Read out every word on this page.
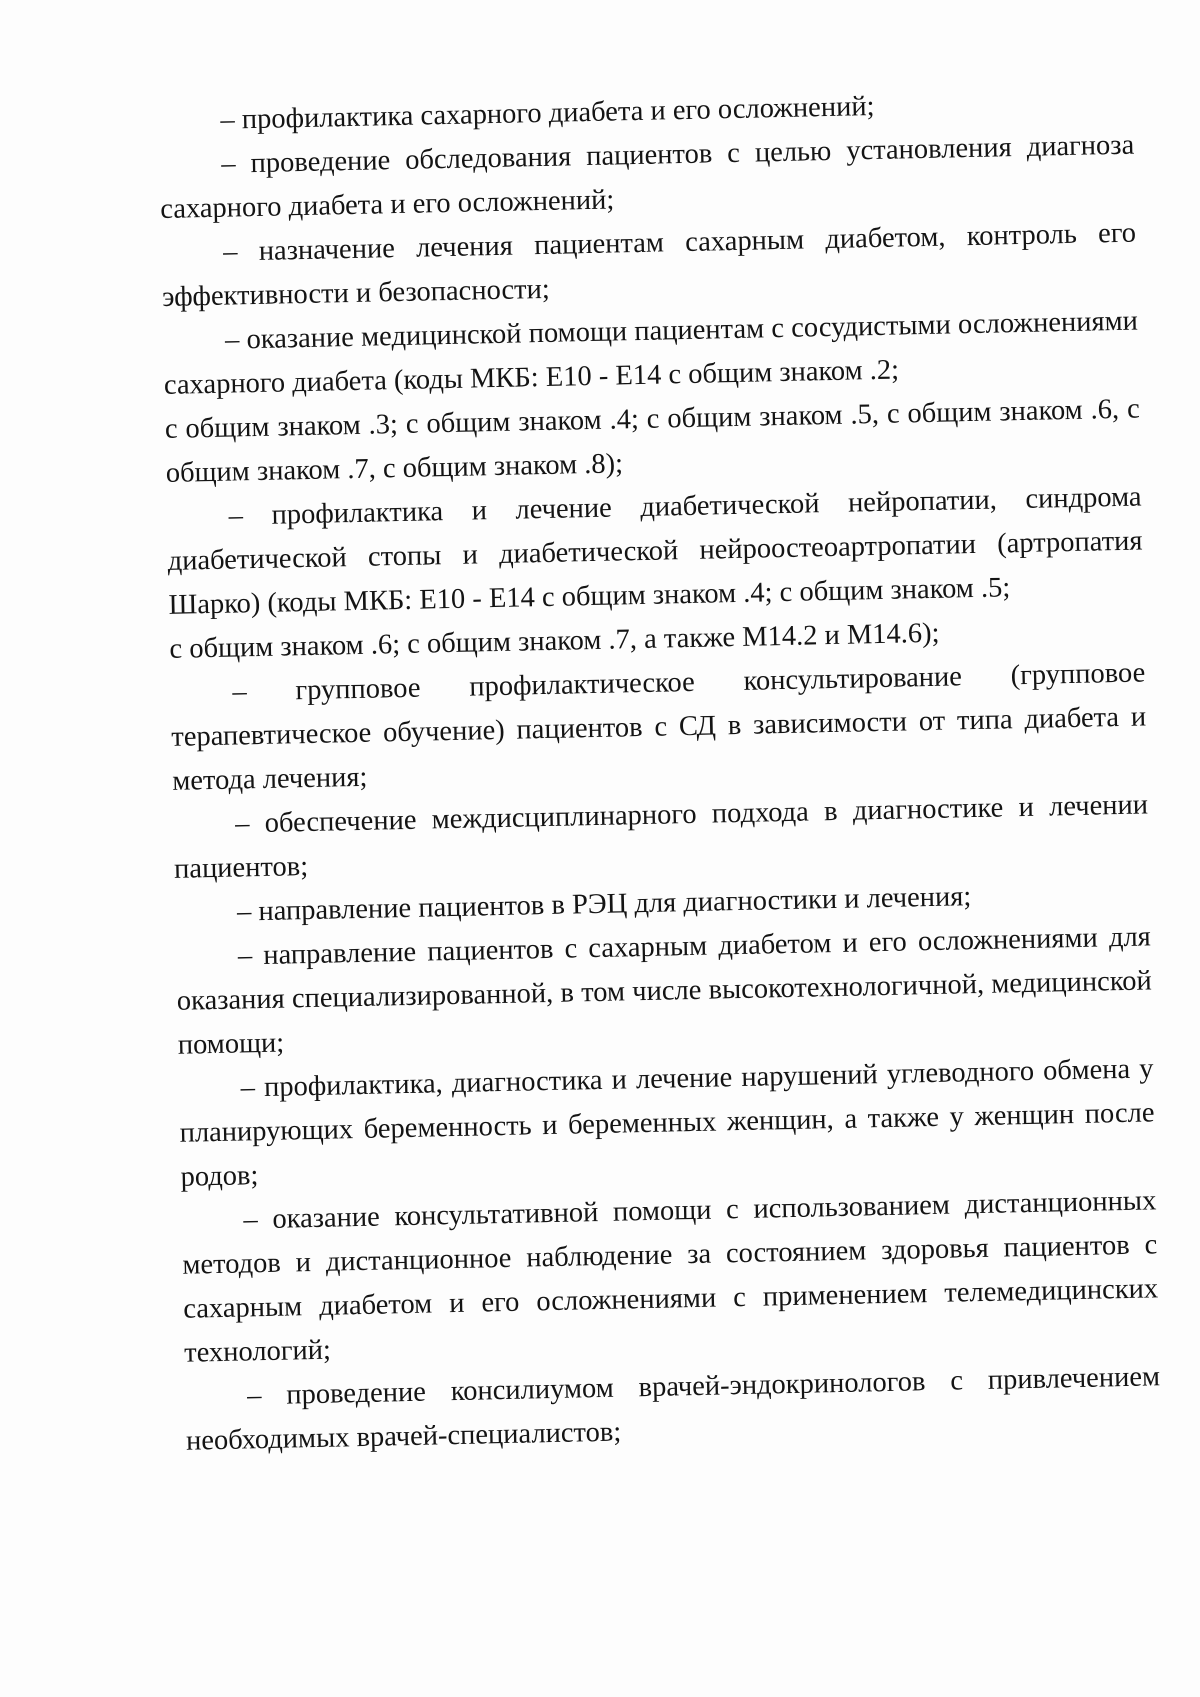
– профилактика сахарного диабета и его осложнений;

– проведение обследования пациентов с целью установления диагноза сахарного диабета и его осложнений;

– назначение лечения пациентам сахарным диабетом, контроль его эффективности и безопасности;

– оказание медицинской помощи пациентам с сосудистыми осложнениями сахарного диабета (коды МКБ: Е10 - Е14 с общим знаком .2;

с общим знаком .3; с общим знаком .4; с общим знаком .5, с общим знаком .6, с общим знаком .7, с общим знаком .8);

– профилактика и лечение диабетической нейропатии, синдрома диабетической стопы и диабетической нейроостеоартропатии (артропатия Шарко) (коды МКБ: Е10 - Е14 с общим знаком .4; с общим знаком .5;

с общим знаком .6; с общим знаком .7, а также М14.2 и М14.6);

– групповое профилактическое консультирование (групповое терапевтическое обучение) пациентов с СД в зависимости от типа диабета и метода лечения;

– обеспечение междисциплинарного подхода в диагностике и лечении пациентов;

– направление пациентов в РЭЦ для диагностики и лечения;

– направление пациентов с сахарным диабетом и его осложнениями для оказания специализированной, в том числе высокотехнологичной, медицинской помощи;

– профилактика, диагностика и лечение нарушений углеводного обмена у планирующих беременность и беременных женщин, а также у женщин после родов;

– оказание консультативной помощи с использованием дистанционных методов и дистанционное наблюдение за состоянием здоровья пациентов с сахарным диабетом и его осложнениями с применением телемедицинских технологий;

– проведение консилиумом врачей-эндокринологов с привлечением необходимых врачей-специалистов;
